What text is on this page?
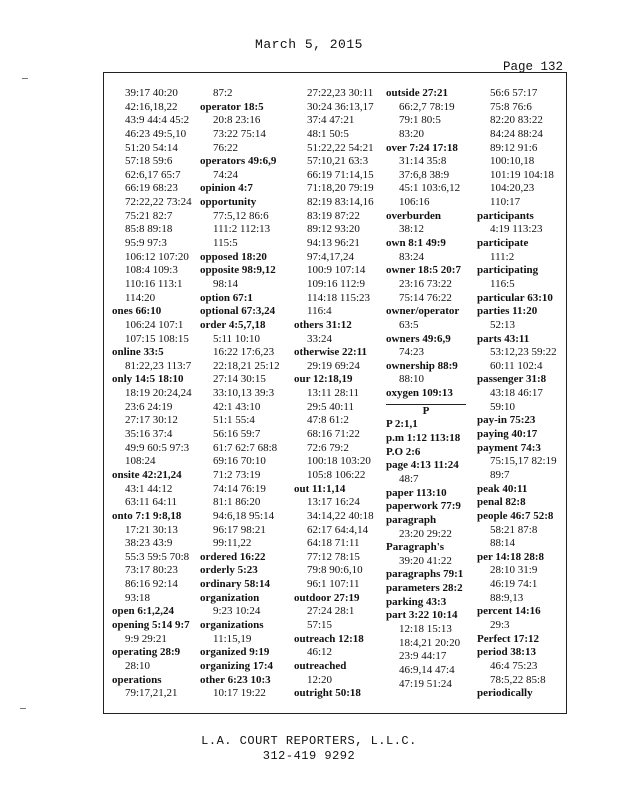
March 5, 2015
Page 132
39:17 40:20
42:16,18,22
43:9 44:4 45:2
46:23 49:5,10
51:20 54:14
57:18 59:6
62:6,17 65:7
66:19 68:23
72:22,22 73:24
75:21 82:7
85:8 89:18
95:9 97:3
106:12 107:20
108:4 109:3
110:16 113:1
114:20
ones 66:10
106:24 107:1
107:15 108:15
online 33:5
81:22,23 113:7
only 14:5 18:10
18:19 20:24,24
23:6 24:19
27:17 30:12
35:16 37:4
49:9 60:5 97:3
108:24
onsite 42:21,24
43:1 44:12
63:11 64:11
onto 7:1 9:8,18
17:21 30:13
38:23 43:9
55:3 59:5 70:8
73:17 80:23
86:16 92:14
93:18
open 6:1,2,24
opening 5:14 9:7
9:9 29:21
operating 28:9
28:10
operations
79:17,21,21
87:2
operator 18:5
20:8 23:16
73:22 75:14
76:22
operators 49:6,9
74:24
opinion 4:7
opportunity
77:5,12 86:6
111:2 112:13
115:5
opposed 18:20
opposite 98:9,12
98:14
option 67:1
optional 67:3,24
order 4:5,7,18
5:11 10:10
16:22 17:6,23
22:18,21 25:12
27:14 30:15
33:10,13 39:3
42:1 43:10
51:1 55:4
56:16 59:7
61:7 62:7 68:8
69:16 70:10
71:2 73:19
74:14 76:19
81:1 86:20
94:6,18 95:14
96:17 98:21
99:11,22
ordered 16:22
orderly 5:23
ordinary 58:14
organization
9:23 10:24
organizations
11:15,19
organized 9:19
organizing 17:4
other 6:23 10:3
10:17 19:22
27:22,23 30:11
30:24 36:13,17
37:4 47:21
48:1 50:5
51:22,22 54:21
57:10,21 63:3
66:19 71:14,15
71:18,20 79:19
82:19 83:14,16
83:19 87:22
89:12 93:20
94:13 96:21
97:4,17,24
100:9 107:14
109:16 112:9
114:18 115:23
116:4
others 31:12
33:24
otherwise 22:11
29:19 69:24
our 12:18,19
13:11 28:11
29:5 40:11
47:8 61:2
68:16 71:22
72:6 79:2
100:18 103:20
105:8 106:22
out 11:1,14
13:17 16:24
34:14,22 40:18
62:17 64:4,14
64:18 71:11
77:12 78:15
79:8 90:6,10
96:1 107:11
outdoor 27:19
27:24 28:1
57:15
outreach 12:18
46:12
outreached
12:20
outright 50:18
outside 27:21
66:2,7 78:19
79:1 80:5
83:20
over 7:24 17:18
31:14 35:8
37:6,8 38:9
45:1 103:6,12
106:16
overburden
38:12
own 8:1 49:9
83:24
owner 18:5 20:7
23:16 73:22
75:14 76:22
owner/operator
63:5
owners 49:6,9
74:23
ownership 88:9
88:10
oxygen 109:13
P
P 2:1,1
p.m 1:12 113:18
P.O 2:6
page 4:13 11:24
48:7
paper 113:10
paperwork 77:9
paragraph
23:20 29:22
Paragraph's
39:20 41:22
paragraphs 79:1
parameters 28:2
parking 43:3
part 3:22 10:14
12:18 15:13
18:4,21 20:20
23:9 44:17
46:9,14 47:4
47:19 51:24
56:6 57:17
75:8 76:6
82:20 83:22
84:24 88:24
89:12 91:6
100:10,18
101:19 104:18
104:20,23
110:17
participants
4:19 113:23
participate
111:2
participating
116:5
particular 63:10
parties 11:20
52:13
parts 43:11
53:12,23 59:22
60:11 102:4
passenger 31:8
43:18 46:17
59:10
pay-in 75:23
paying 40:17
payment 74:3
75:15,17 82:19
89:7
peak 40:11
penal 82:8
people 46:7 52:8
58:21 87:8
88:14
per 14:18 28:8
28:10 31:9
46:19 74:1
88:9,13
percent 14:16
29:3
Perfect 17:12
period 38:13
46:4 75:23
78:5,22 85:8
periodically
L.A. COURT REPORTERS, L.L.C.
312-419 9292
